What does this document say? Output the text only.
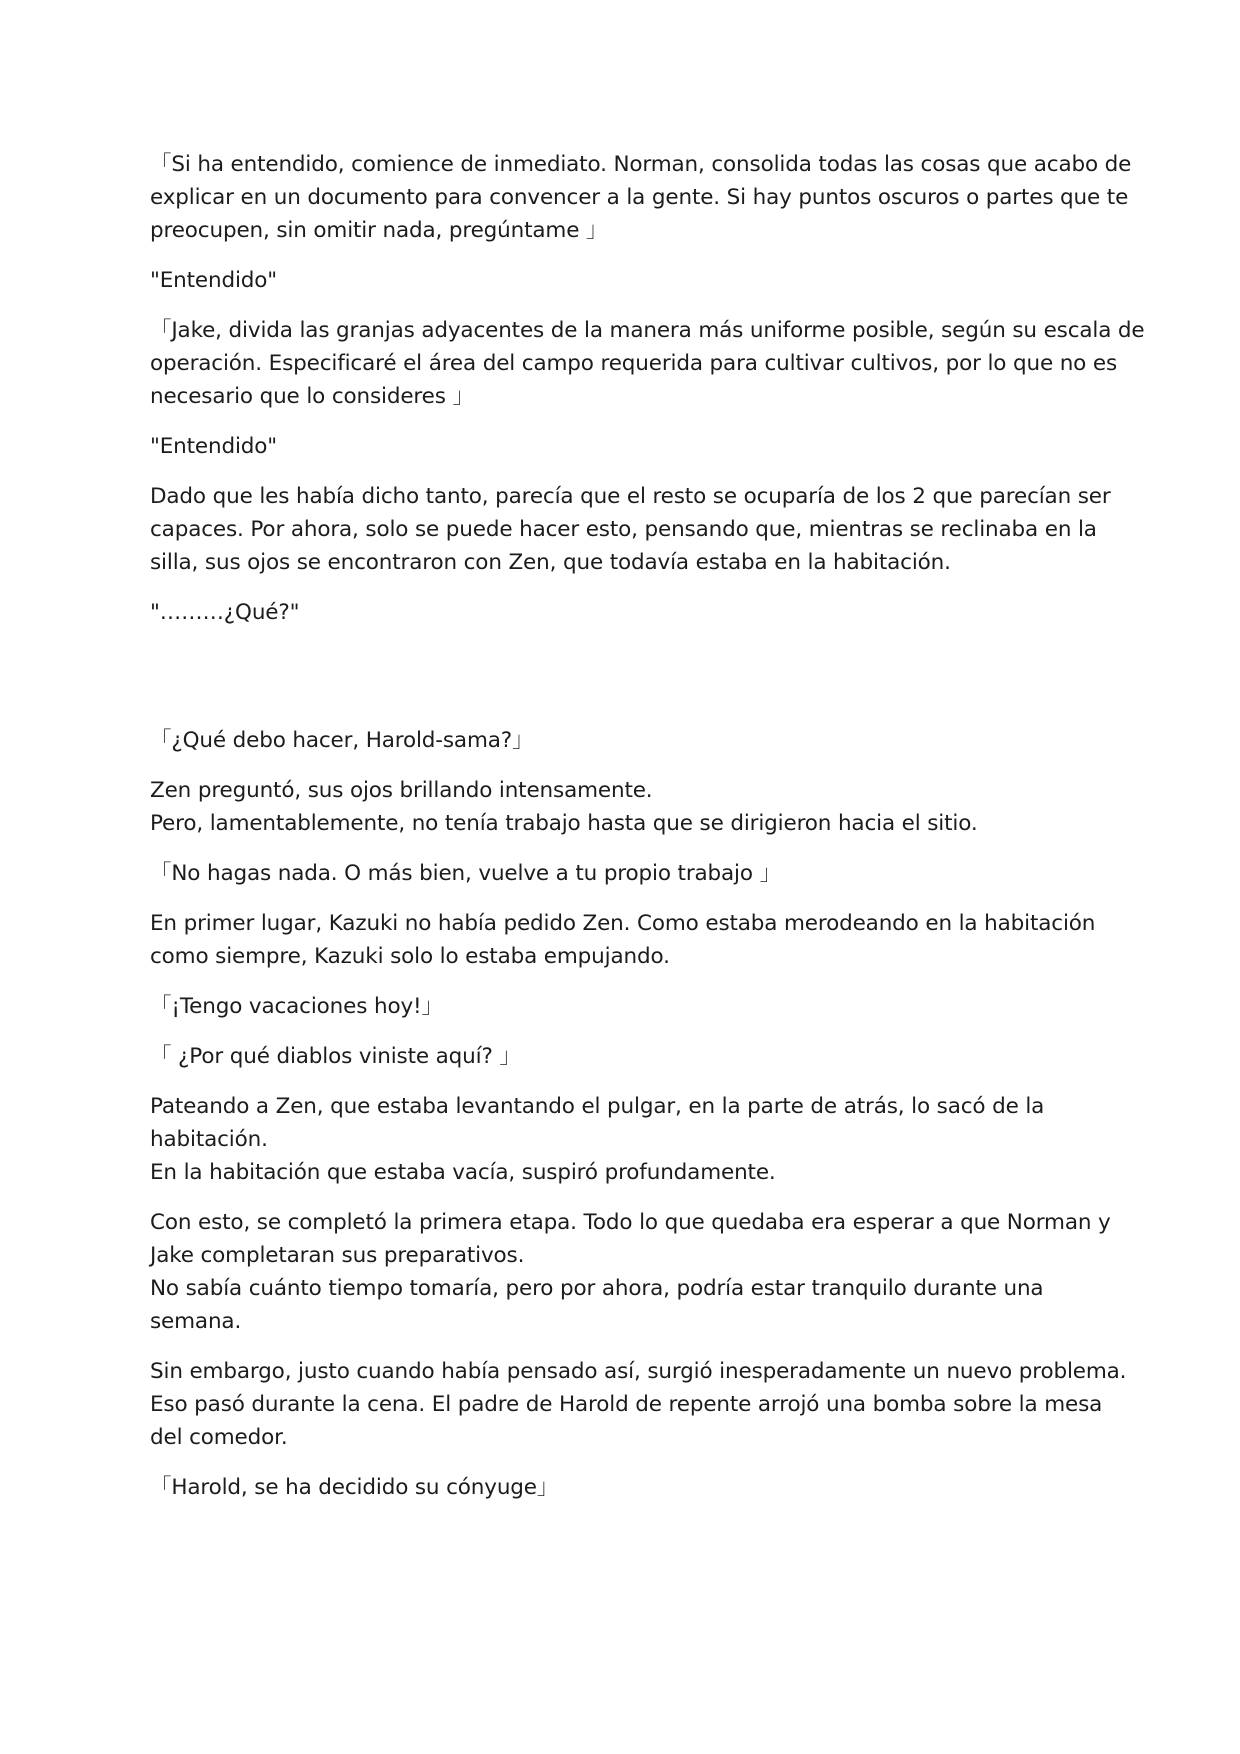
「Si ha entendido, comience de inmediato. Norman, consolida todas las cosas que acabo de
explicar en un documento para convencer a la gente. Si hay puntos oscuros o partes que te
preocupen, sin omitir nada, pregúntame 」

"Entendido"

「Jake, divida las granjas adyacentes de la manera más uniforme posible, según su escala de
operación. Especificaré el área del campo requerida para cultivar cultivos, por lo que no es
necesario que lo consideres 」

"Entendido"

Dado que les había dicho tanto, parecía que el resto se ocuparía de los 2 que parecían ser
capaces. Por ahora, solo se puede hacer esto, pensando que, mientras se reclinaba en la
silla, sus ojos se encontraron con Zen, que todavía estaba en la habitación.

"………¿Qué?"

「¿Qué debo hacer, Harold-sama?」

Zen preguntó, sus ojos brillando intensamente.
Pero, lamentablemente, no tenía trabajo hasta que se dirigieron hacia el sitio.

「No hagas nada. O más bien, vuelve a tu propio trabajo 」

En primer lugar, Kazuki no había pedido Zen. Como estaba merodeando en la habitación
como siempre, Kazuki solo lo estaba empujando.

「¡Tengo vacaciones hoy!」

「 ¿Por qué diablos viniste aquí? 」

Pateando a Zen, que estaba levantando el pulgar, en la parte de atrás, lo sacó de la
habitación.
En la habitación que estaba vacía, suspiró profundamente.

Con esto, se completó la primera etapa. Todo lo que quedaba era esperar a que Norman y
Jake completaran sus preparativos.
No sabía cuánto tiempo tomaría, pero por ahora, podría estar tranquilo durante una
semana.

Sin embargo, justo cuando había pensado así, surgió inesperadamente un nuevo problema.
Eso pasó durante la cena. El padre de Harold de repente arrojó una bomba sobre la mesa
del comedor.

「Harold, se ha decidido su cónyuge」
